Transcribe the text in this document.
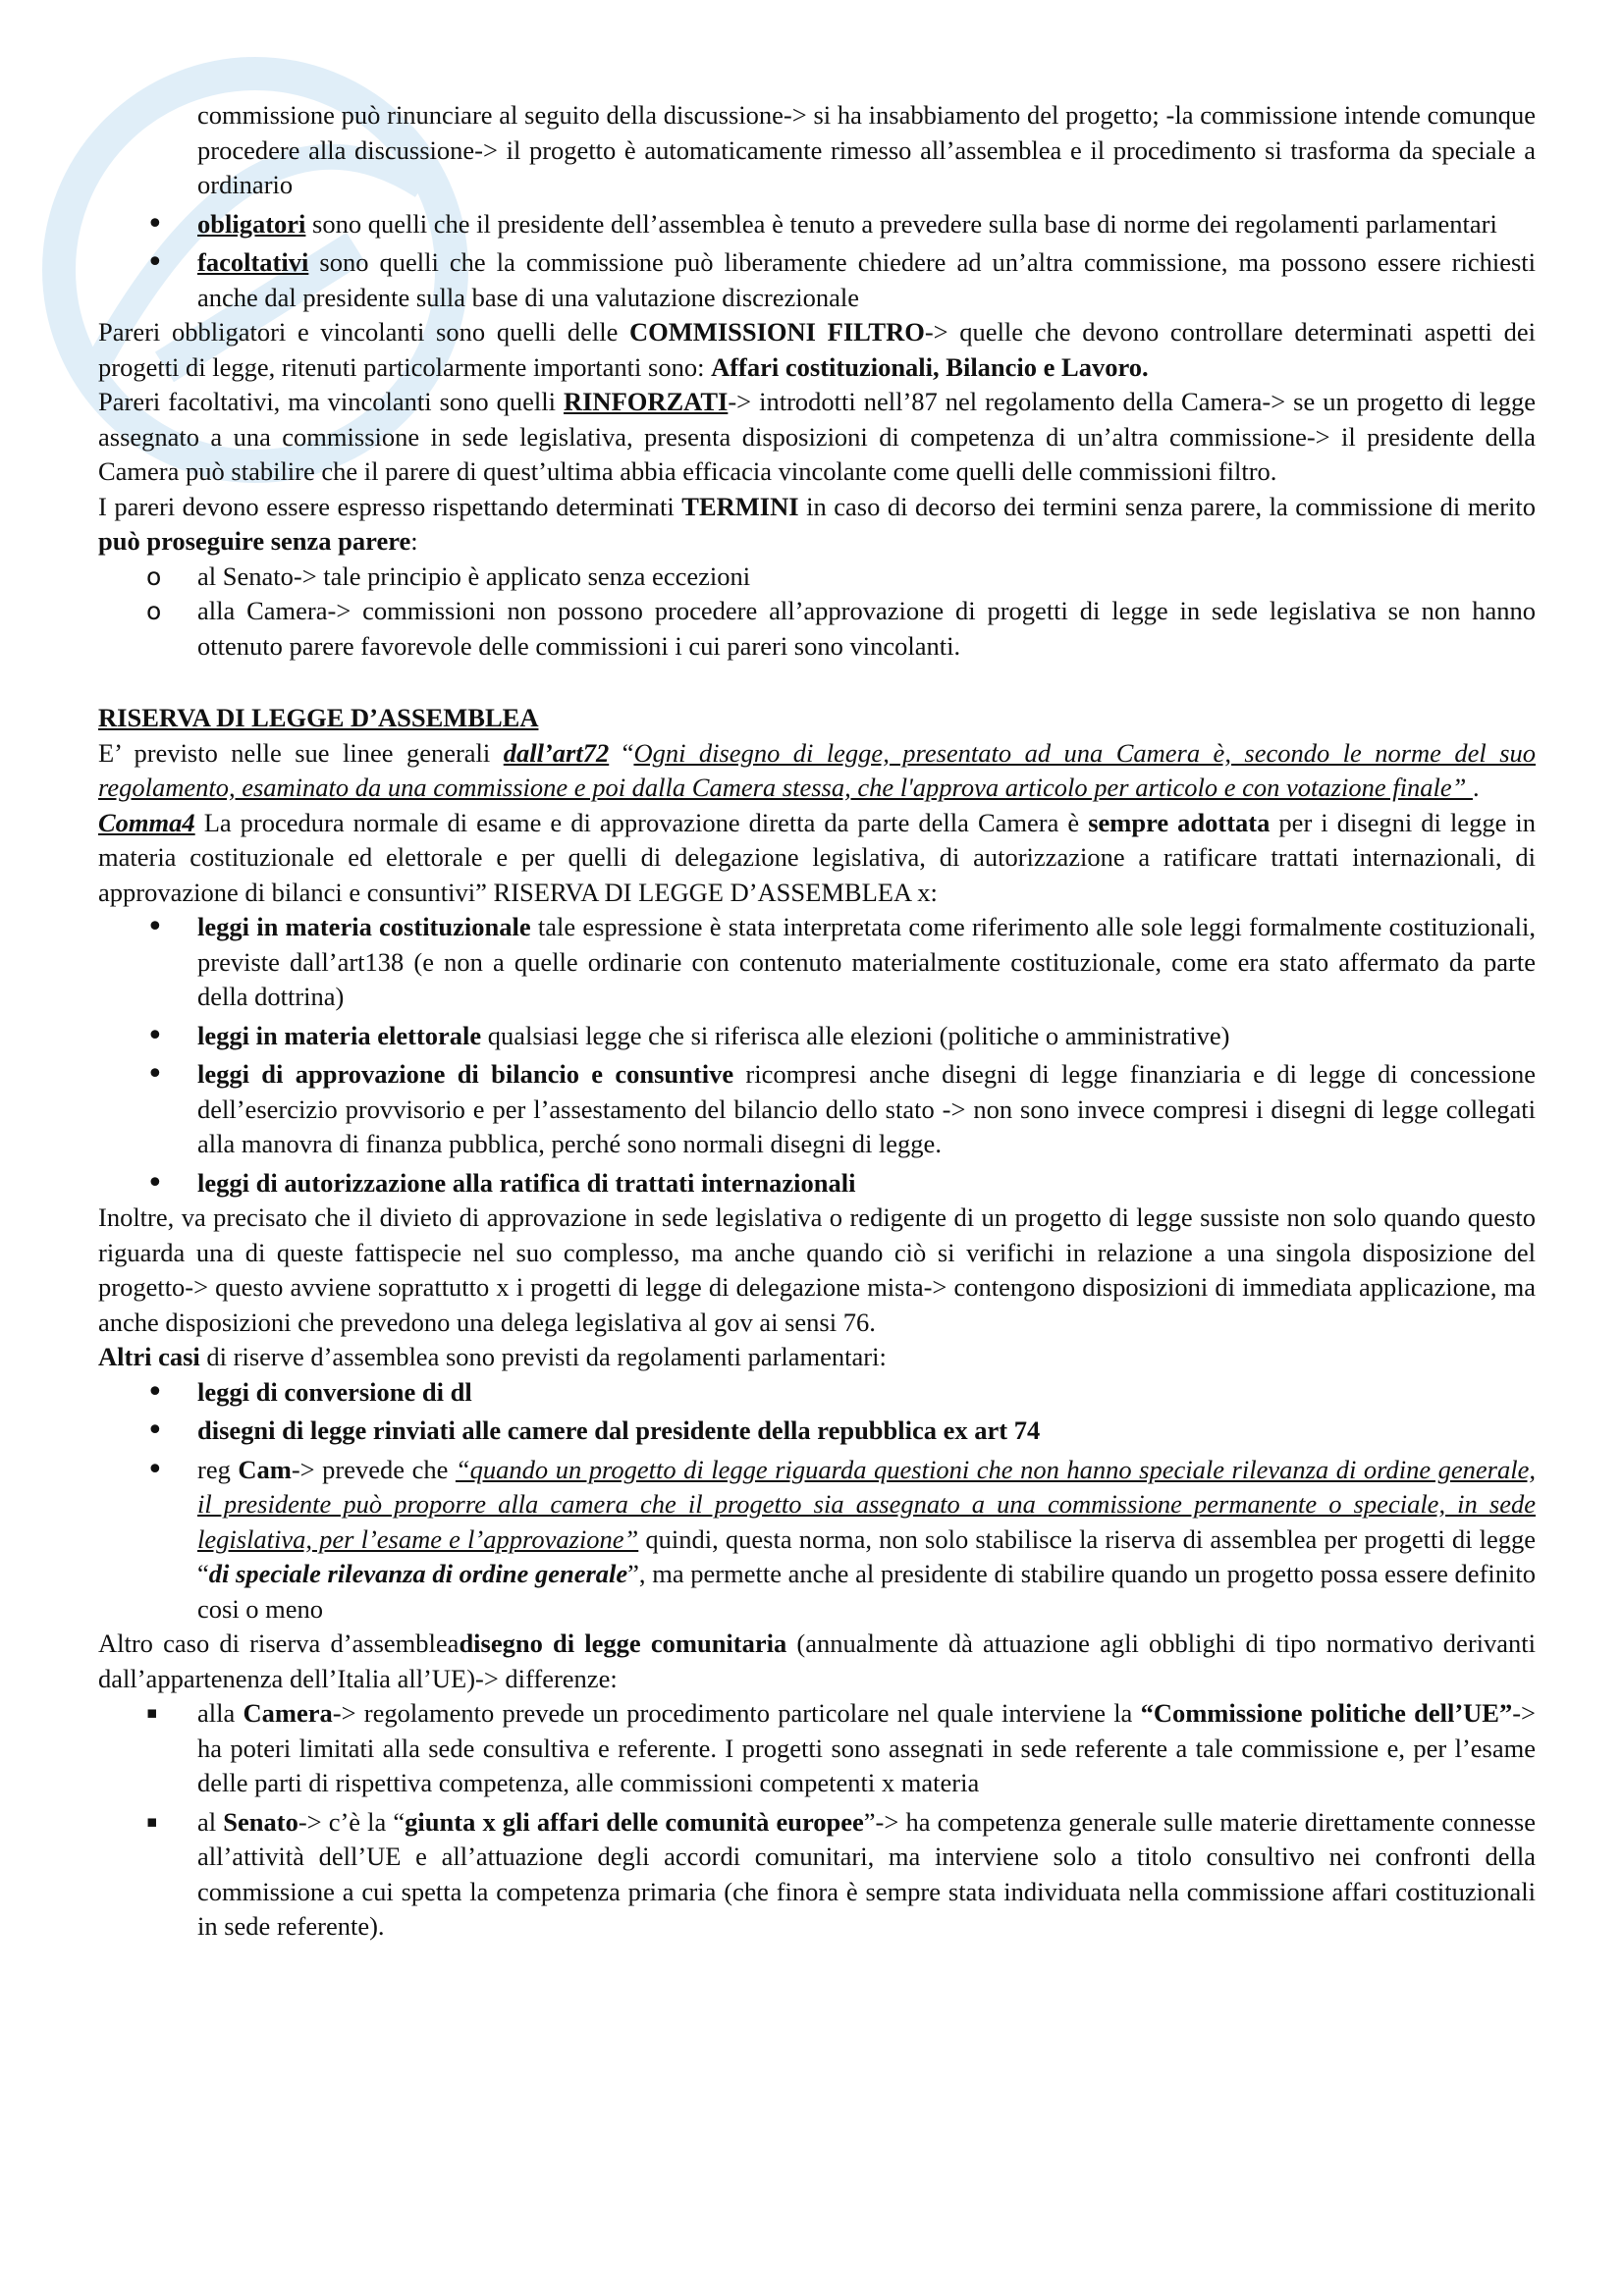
commissione può rinunciare al seguito della discussione-> si ha insabbiamento del progetto; -la commissione intende comunque procedere alla discussione-> il progetto è automaticamente rimesso all’assemblea e il procedimento si trasforma da speciale a ordinario

• obligatori sono quelli che il presidente dell’assemblea è tenuto a prevedere sulla base di norme dei regolamenti parlamentari

• facoltativi sono quelli che la commissione può liberamente chiedere ad un’altra commissione, ma possono essere richiesti anche dal presidente sulla base di una valutazione discrezionale

Pareri obbligatori e vincolanti sono quelli delle COMMISSIONI FILTRO-> quelle che devono controllare determinati aspetti dei progetti di legge, ritenuti particolarmente importanti sono: Affari costituzionali, Bilancio e Lavoro.

Pareri facoltativi, ma vincolanti sono quelli RINFORZATI-> introdotti nell’87 nel regolamento della Camera-> se un progetto di legge assegnato a una commissione in sede legislativa, presenta disposizioni di competenza di un’altra commissione-> il presidente della Camera può stabilire che il parere di quest’ultima abbia efficacia vincolante come quelli delle commissioni filtro.

I pareri devono essere espresso rispettando determinati TERMINI in caso di decorso dei termini senza parere, la commissione di merito può proseguire senza parere:

o al Senato-> tale principio è applicato senza eccezioni

o alla Camera-> commissioni non possono procedere all’approvazione di progetti di legge in sede legislativa se non hanno ottenuto parere favorevole delle commissioni i cui pareri sono vincolanti.

RISERVA DI LEGGE D’ASSEMBLEA

E’ previsto nelle sue linee generali dall’art72 “Ogni disegno di legge, presentato ad una Camera è, secondo le norme del suo regolamento, esaminato da una commissione e poi dalla Camera stessa, che l'approva articolo per articolo e con votazione finale” .

Comma4 La procedura normale di esame e di approvazione diretta da parte della Camera è sempre adottata per i disegni di legge in materia costituzionale ed elettorale e per quelli di delegazione legislativa, di autorizzazione a ratificare trattati internazionali, di approvazione di bilanci e consuntivi” RISERVA DI LEGGE D’ASSEMBLEA x:

• leggi in materia costituzionale tale espressione è stata interpretata come riferimento alle sole leggi formalmente costituzionali, previste dall’art138 (e non a quelle ordinarie con contenuto materialmente costituzionale, come era stato affermato da parte della dottrina)

• leggi in materia elettorale qualsiasi legge che si riferisca alle elezioni (politiche o amministrative)

• leggi di approvazione di bilancio e consuntive ricompresi anche disegni di legge finanziaria e di legge di concessione dell’esercizio provvisorio e per l’assestamento del bilancio dello stato -> non sono invece compresi i disegni di legge collegati alla manovra di finanza pubblica, perché sono normali disegni di legge.

• leggi di autorizzazione alla ratifica di trattati internazionali

Inoltre, va precisato che il divieto di approvazione in sede legislativa o redigente di un progetto di legge sussiste non solo quando questo riguarda una di queste fattispecie nel suo complesso, ma anche quando ciò si verifichi in relazione a una singola disposizione del progetto-> questo avviene soprattutto x i progetti di legge di delegazione mista-> contengono disposizioni di immediata applicazione, ma anche disposizioni che prevedono una delega legislativa al gov ai sensi 76.

Altri casi di riserve d’assemblea sono previsti da regolamenti parlamentari:

• leggi di conversione di dl

• disegni di legge rinviati alle camere dal presidente della repubblica ex art 74

• reg Cam-> prevede che “quando un progetto di legge riguarda questioni che non hanno speciale rilevanza di ordine generale, il presidente può proporre alla camera che il progetto sia assegnato a una commissione permanente o speciale, in sede legislativa, per l’esame e l’approvazione” quindi, questa norma, non solo stabilisce la riserva di assemblea per progetti di legge “di speciale rilevanza di ordine generale”, ma permette anche al presidente di stabilire quando un progetto possa essere definito cosi o meno

Altro caso di riserva d’assembleadisegno di legge comunitaria (annualmente dà attuazione agli obblighi di tipo normativo derivanti dall’appartenenza dell’Italia all’UE)-> differenze:

▪ alla Camera-> regolamento prevede un procedimento particolare nel quale interviene la “Commissione politiche dell’UE”-> ha poteri limitati alla sede consultiva e referente. I progetti sono assegnati in sede referente a tale commissione e, per l’esame delle parti di rispettiva competenza, alle commissioni competenti x materia

▪ al Senato-> c’è la “giunta x gli affari delle comunità europee”-> ha competenza generale sulle materie direttamente connesse all’attività dell’UE e all’attuazione degli accordi comunitari, ma interviene solo a titolo consultivo nei confronti della commissione a cui spetta la competenza primaria (che finora è sempre stata individuata nella commissione affari costituzionali in sede referente).
